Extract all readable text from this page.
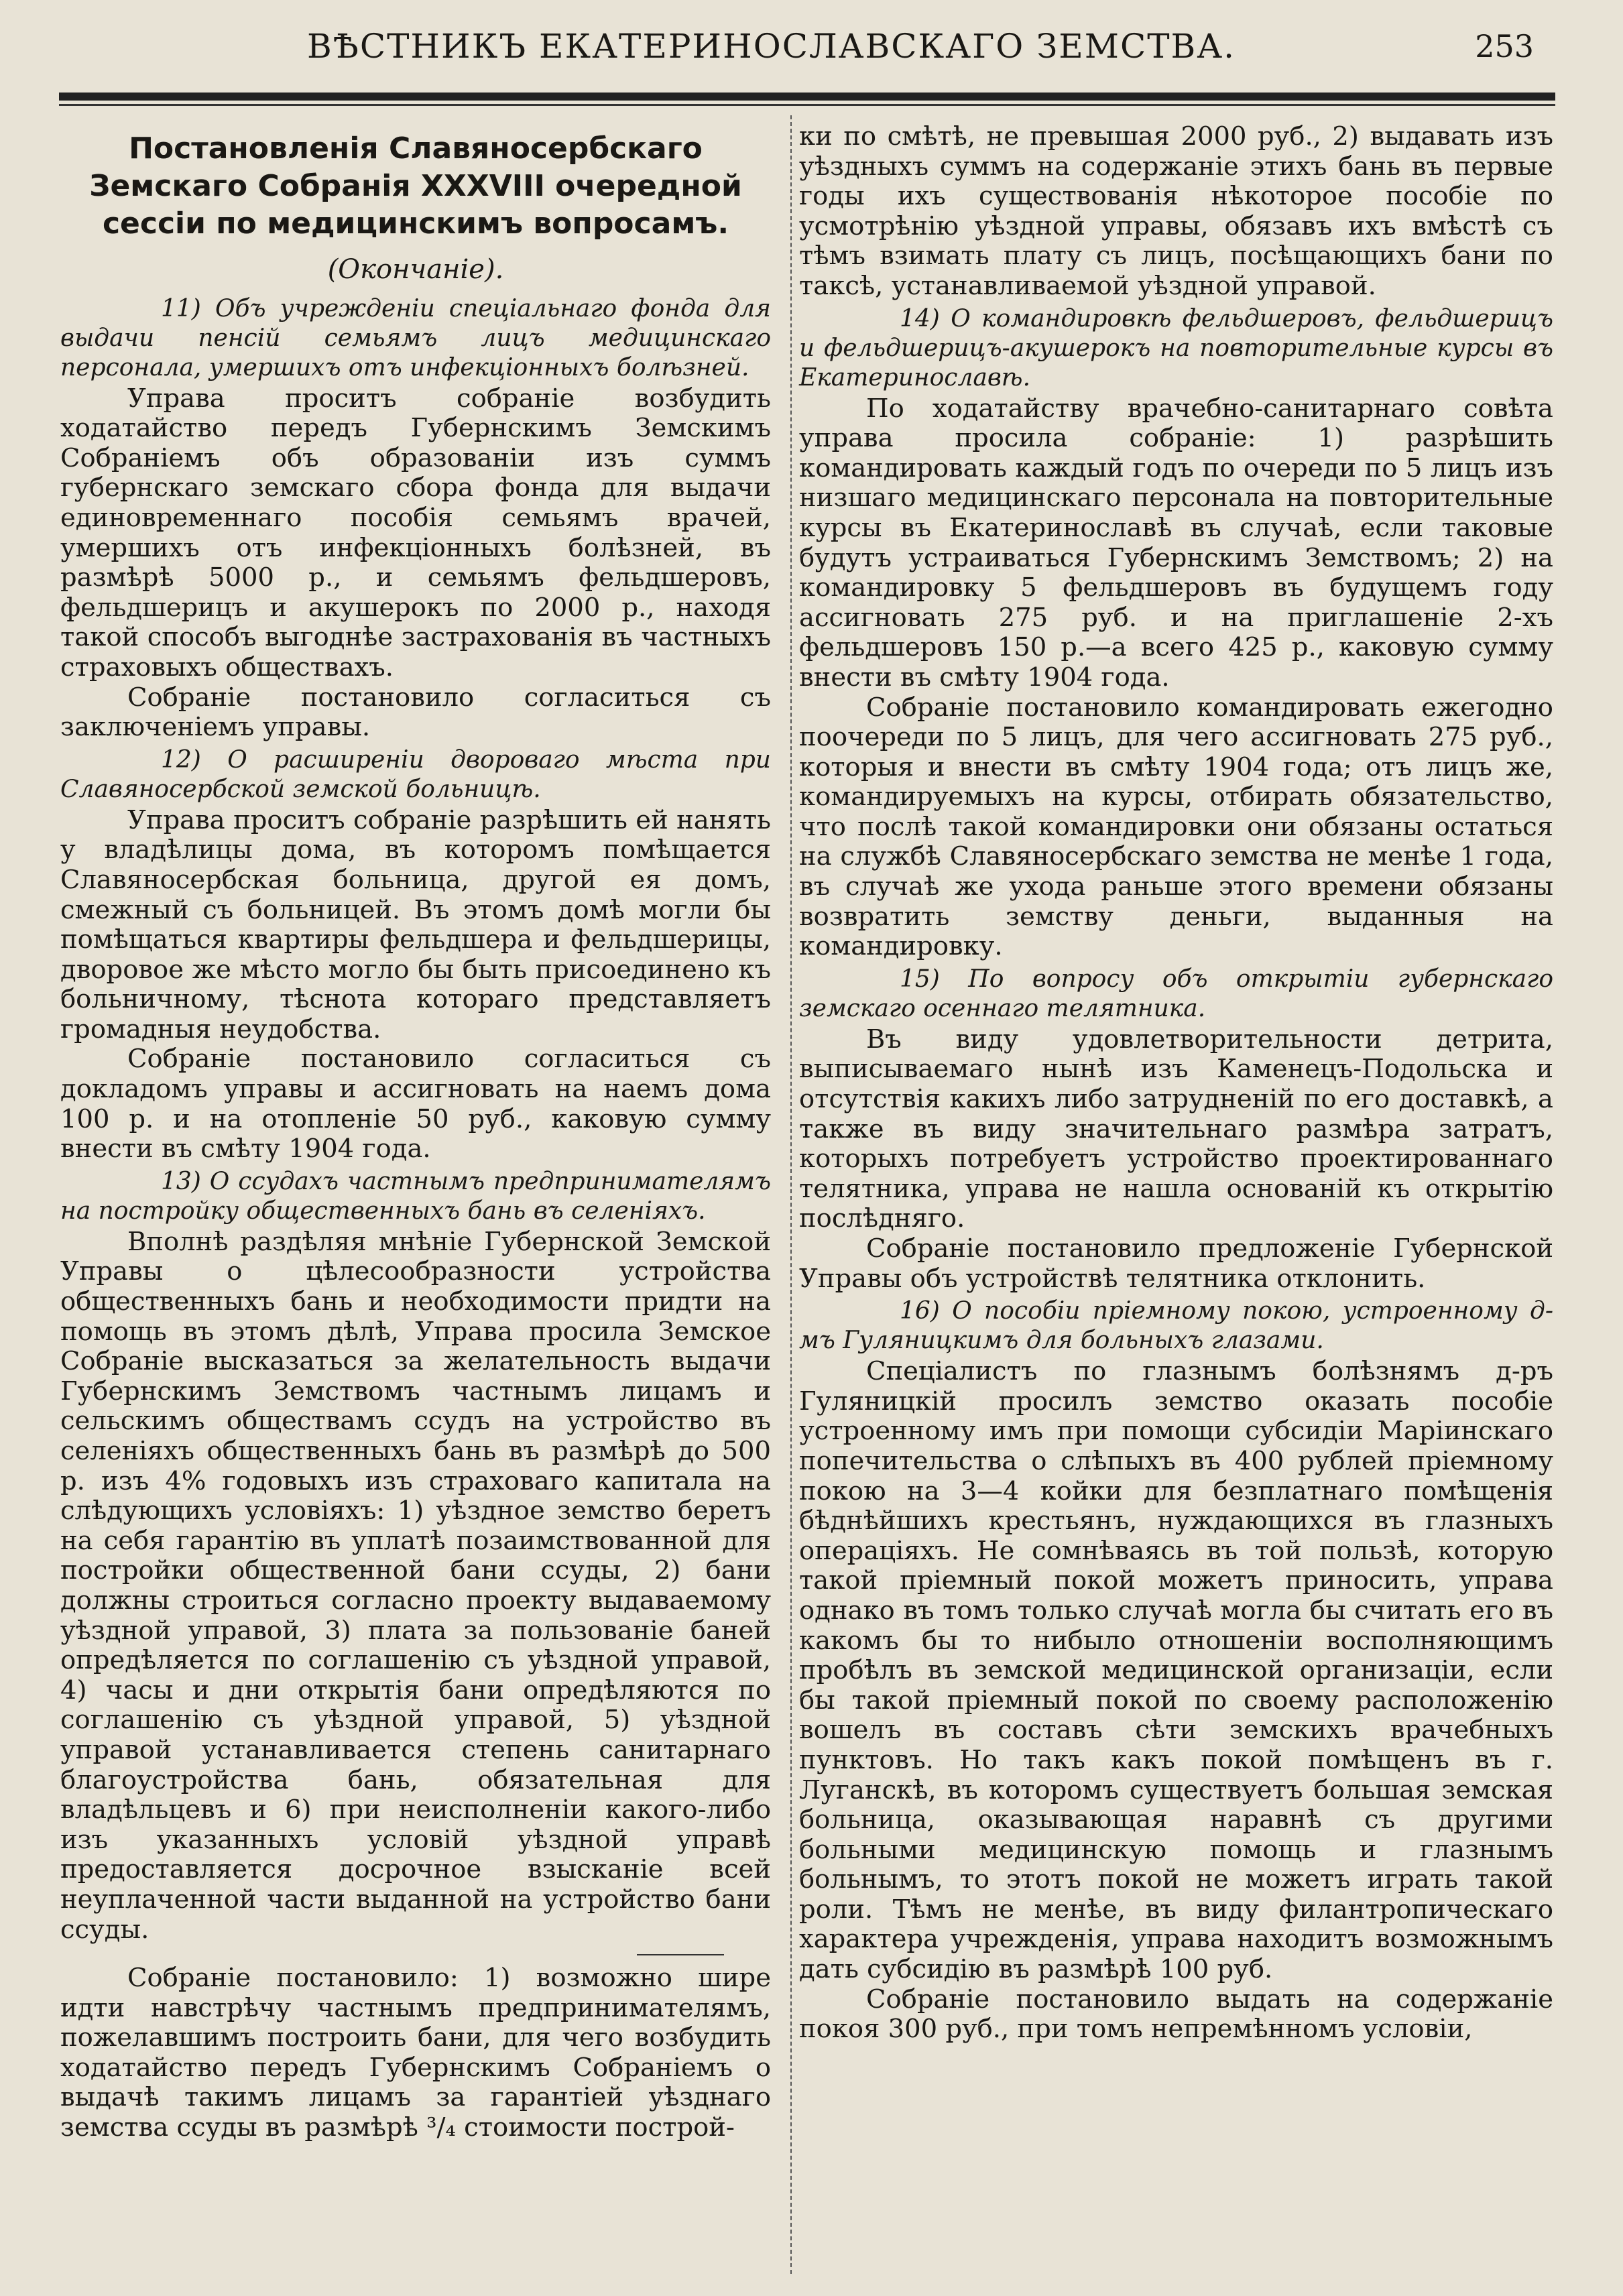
ВѢСТНИКЪ ЕКАТЕРИНОСЛАВСКАГО ЗЕМСТВА.	253
Постановленія Славяносербскаго Земскаго Собранія XXXVIII очередной сессіи по медицинскимъ вопросамъ.
(Окончаніе).
11) Объ учрежденіи спеціальнаго фонда для выдачи пенсій семьямъ лицъ медицинскаго персонала, умершихъ отъ инфекціонныхъ болѣзней.

Управа проситъ собраніе возбудить ходатайство передъ Губернскимъ Земскимъ Собраніемъ объ образованіи изъ суммъ губернскаго земскаго сбора фонда для выдачи единовременнаго пособія семьямъ врачей, умершихъ отъ инфекціонныхъ болѣзней, въ размѣрѣ 5000 р., и семьямъ фельдшеровъ, фельдшерицъ и акушерокъ по 2000 р., находя такой способъ выгоднѣе застрахованія въ частныхъ страховыхъ обществахъ.

Собраніе постановило согласиться съ заключеніемъ управы.

12) О расширеніи двороваго мѣста при Славяносербской земской больницѣ.

Управа проситъ собраніе разрѣшить ей нанять у владѣлицы дома, въ которомъ помѣщается Славяносербская больница, другой ея домъ, смежный съ больницей. Въ этомъ домѣ могли бы помѣщаться квартиры фельдшера и фельдшерицы, дворовое же мѣсто могло бы быть присоединено къ больничному, тѣснота котораго представляетъ громадныя неудобства.

Собраніе постановило согласиться съ докладомъ управы и ассигновать на наемъ дома 100 р. и на отопленіе 50 руб., каковую сумму внести въ смѣту 1904 года.

13) О ссудахъ частнымъ предпринимателямъ на постройку общественныхъ бань въ селеніяхъ.

Вполнѣ раздѣляя мнѣніе Губернской Земской Управы о цѣлесообразности устройства общественныхъ бань и необходимости придти на помощь въ этомъ дѣлѣ, Управа просила Земское Собраніе высказаться за желательность выдачи Губернскимъ Земствомъ частнымъ лицамъ и сельскимъ обществамъ ссудъ на устройство въ селеніяхъ общественныхъ бань въ размѣрѣ до 500 р. изъ 4% годовыхъ изъ страховаго капитала на слѣдующихъ условіяхъ: 1) уѣздное земство беретъ на себя гарантію въ уплатѣ позаимствованной для постройки общественной бани ссуды, 2) бани должны строиться согласно проекту выдаваемому уѣздной управой, 3) плата за пользованіе баней опредѣляется по соглашенію съ уѣздной управой, 4) часы и дни открытія бани опредѣляются по соглашенію съ уѣздной управой, 5) уѣздной управой устанавливается степень санитарнаго благоустройства бань, обязательная для владѣльцевъ и 6) при неисполненіи какого-либо изъ указанныхъ условій уѣздной управѣ предоставляется досрочное взысканіе всей неуплаченной части выданной на устройство бани ссуды.

Собраніе постановило: 1) возможно шире идти навстрѣчу частнымъ предпринимателямъ, пожелавшимъ построить бани, для чего возбудить ходатайство передъ Губернскимъ Собраніемъ о выдачѣ такимъ лицамъ за гарантіей уѣзднаго земства ссуды въ размѣрѣ ³/₄ стоимости построй-

ки по смѣтѣ, не превышая 2000 руб., 2) выдавать изъ уѣздныхъ суммъ на содержаніе этихъ бань въ первые годы ихъ существованія нѣкоторое пособіе по усмотрѣнію уѣздной управы, обязавъ ихъ вмѣстѣ съ тѣмъ взимать плату съ лицъ, посѣщающихъ бани по таксѣ, устанавливаемой уѣздной управой.

14) О командировкѣ фельдшеровъ, фельдшерицъ и фельдшерицъ-акушерокъ на повторительные курсы въ Екатеринославѣ.

По ходатайству врачебно-санитарнаго совѣта управа просила собраніе: 1) разрѣшить командировать каждый годъ по очереди по 5 лицъ изъ низшаго медицинскаго персонала на повторительные курсы въ Екатеринославѣ въ случаѣ, если таковые будутъ устраиваться Губернскимъ Земствомъ; 2) на командировку 5 фельдшеровъ въ будущемъ году ассигновать 275 руб. и на приглашеніе 2-хъ фельдшеровъ 150 р.—а всего 425 р., каковую сумму внести въ смѣту 1904 года.

Собраніе постановило командировать ежегодно поочереди по 5 лицъ, для чего ассигновать 275 руб., которыя и внести въ смѣту 1904 года; отъ лицъ же, командируемыхъ на курсы, отбирать обязательство, что послѣ такой командировки они обязаны остаться на службѣ Славяносербскаго земства не менѣе 1 года, въ случаѣ же ухода раньше этого времени обязаны возвратить земству деньги, выданныя на командировку.

15) По вопросу объ открытіи губернскаго земскаго осеннаго телятника.

Въ виду удовлетворительности детрита, выписываемаго нынѣ изъ Каменецъ-Подольска и отсутствія какихъ либо затрудненій по его доставкѣ, а также въ виду значительнаго размѣра затратъ, которыхъ потребуетъ устройство проектированнаго телятника, управа не нашла основаній къ открытію послѣдняго.

Собраніе постановило предложеніе Губернской Управы объ устройствѣ телятника отклонить.

16) О пособіи пріемному покою, устроенному д-мъ Гуляницкимъ для больныхъ глазами.

Спеціалистъ по глазнымъ болѣзнямъ д-ръ Гуляницкій просилъ земство оказать пособіе устроенному имъ при помощи субсидіи Маріинскаго попечительства о слѣпыхъ въ 400 рублей пріемному покою на 3—4 койки для безплатнаго помѣщенія бѣднѣйшихъ крестьянъ, нуждающихся въ глазныхъ операціяхъ. Не сомнѣваясь въ той пользѣ, которую такой пріемный покой можетъ приносить, управа однако въ томъ только случаѣ могла бы считать его въ какомъ бы то нибыло отношеніи восполняющимъ пробѣлъ въ земской медицинской организаціи, если бы такой пріемный покой по своему расположенію вошелъ въ составъ сѣти земскихъ врачебныхъ пунктовъ. Но такъ какъ покой помѣщенъ въ г. Луганскѣ, въ которомъ существуетъ большая земская больница, оказывающая наравнѣ съ другими больными медицинскую помощь и глазнымъ больнымъ, то этотъ покой не можетъ играть такой роли. Тѣмъ не менѣе, въ виду филантропическаго характера учрежденія, управа находитъ возможнымъ дать субсидію въ размѣрѣ 100 руб.

Собраніе постановило выдать на содержаніе покоя 300 руб., при томъ непремѣнномъ условіи,
